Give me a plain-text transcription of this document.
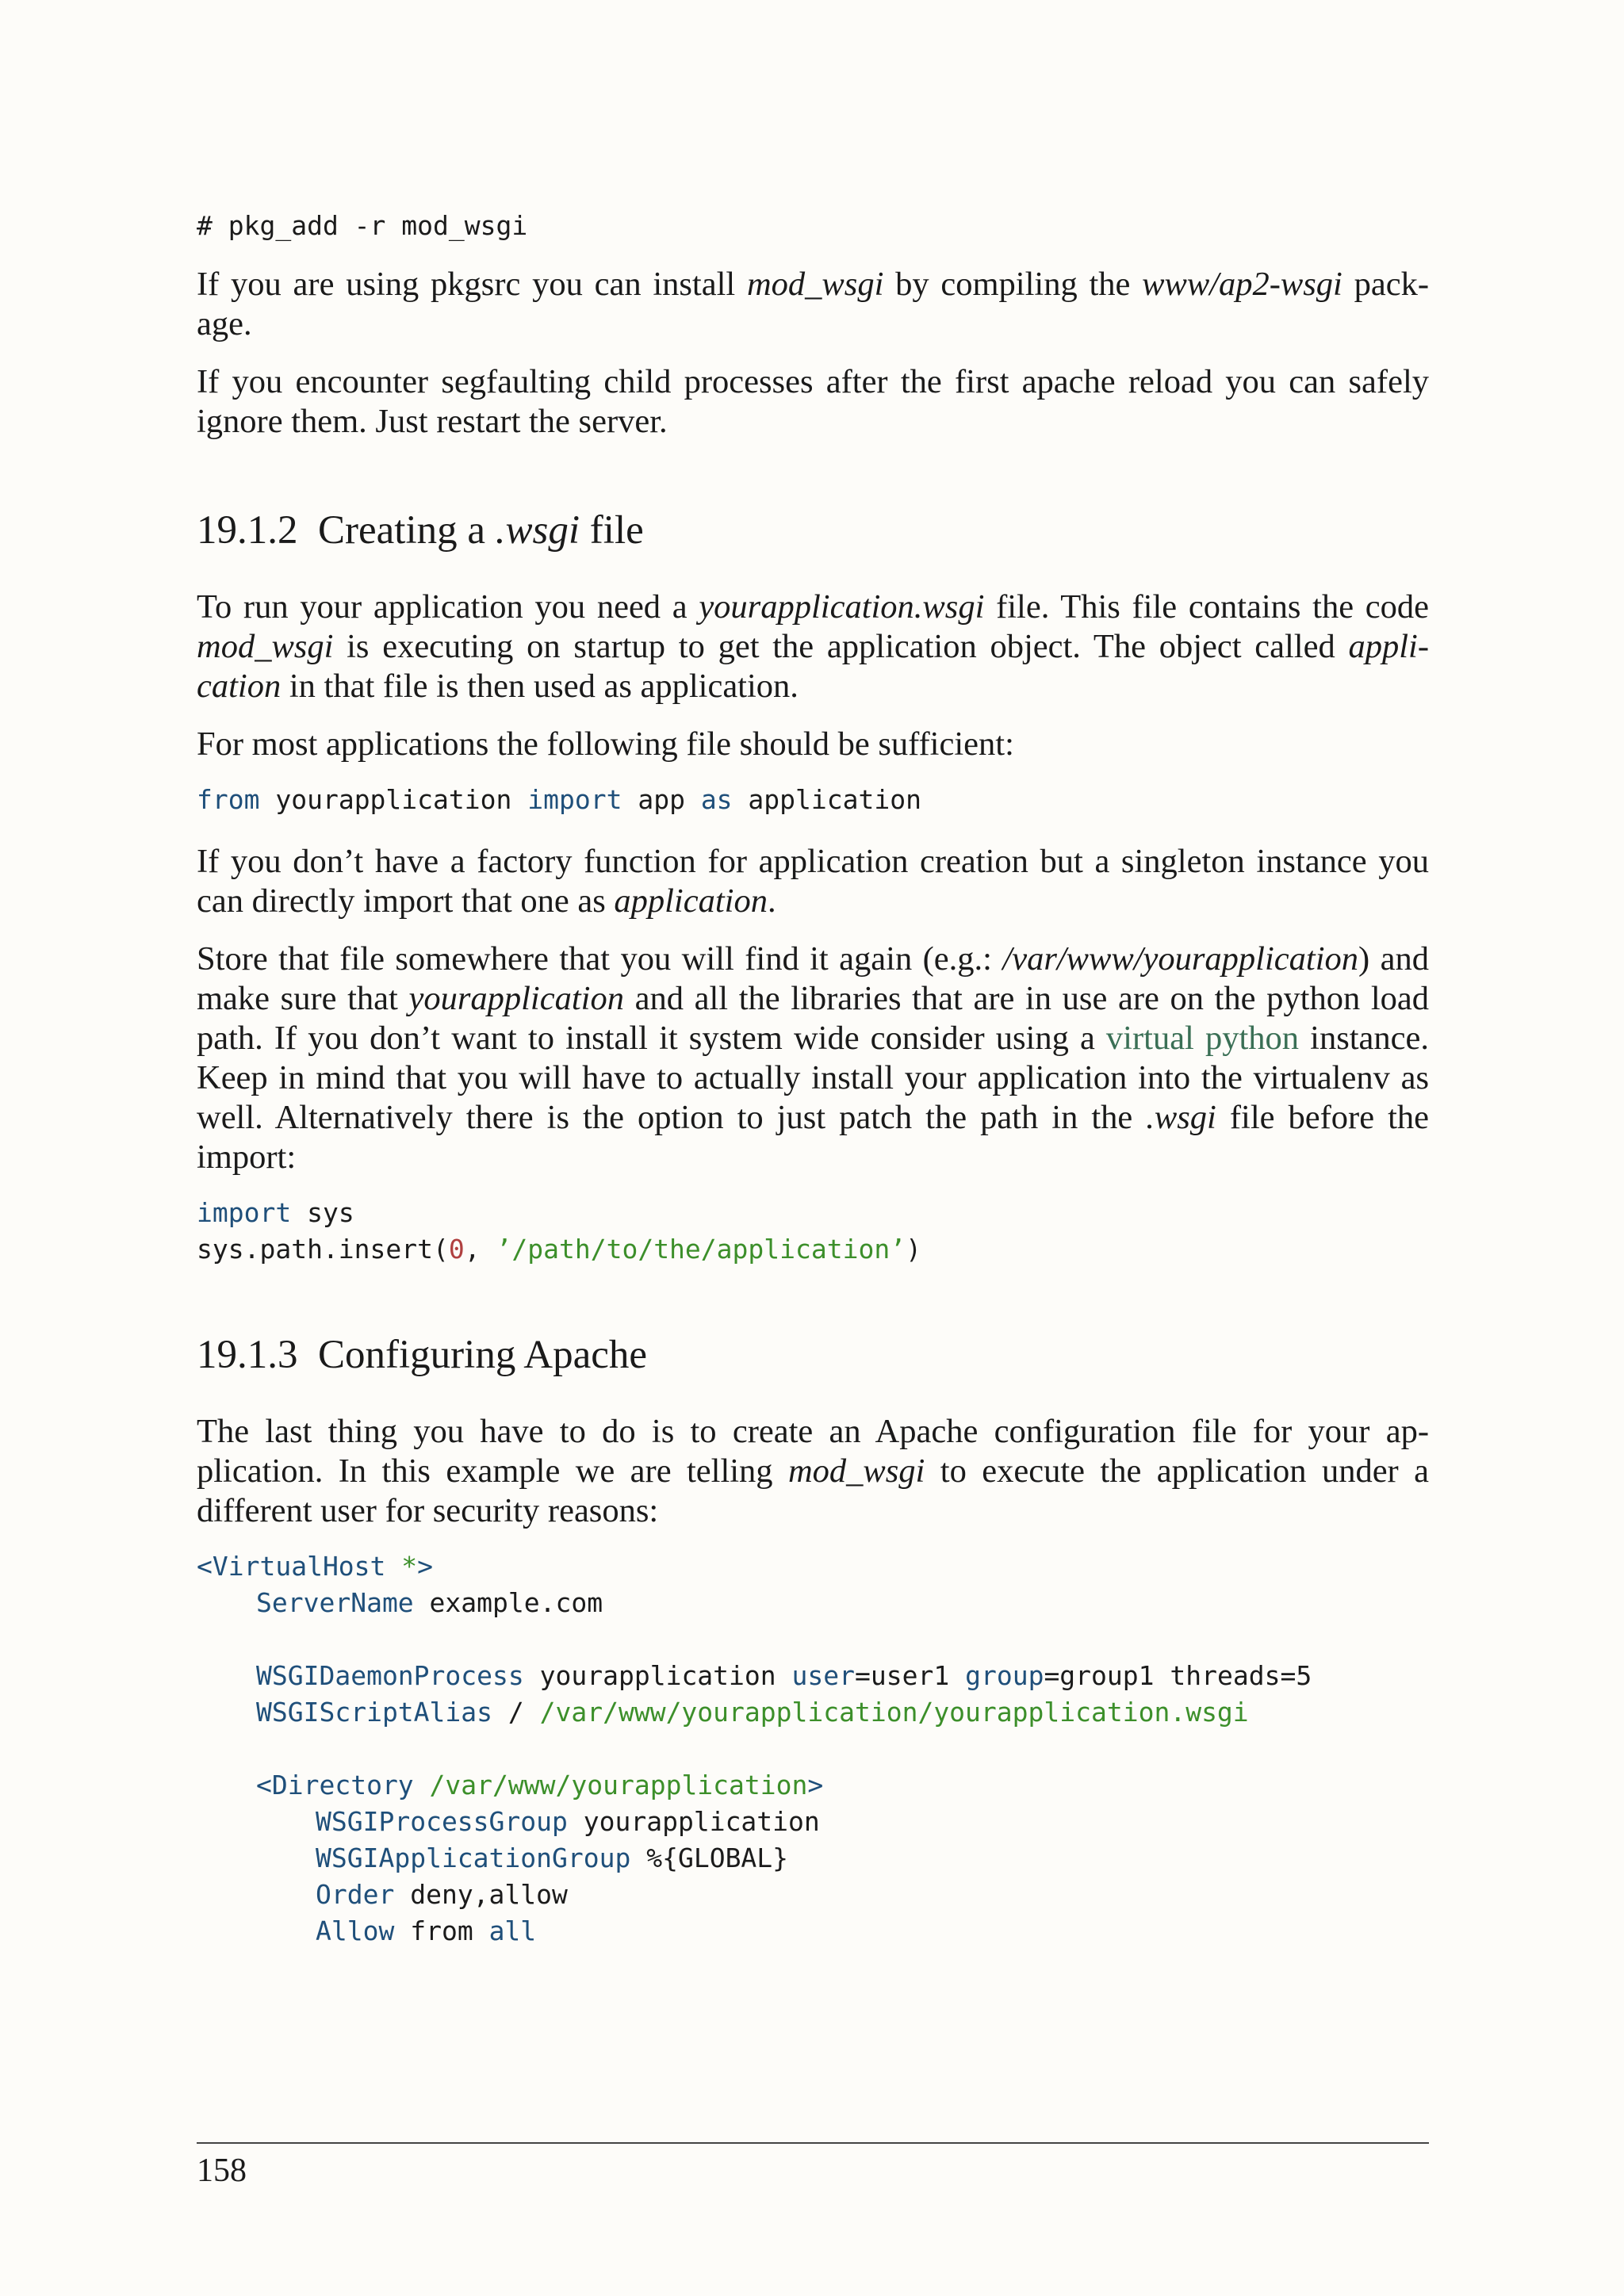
# pkg_add -r mod_wsgi

If you are using pkgsrc you can install mod_wsgi by compiling the www/ap2-wsgi pack-age.

If you encounter segfaulting child processes after the first apache reload you can safely ignore them. Just restart the server.

19.1.2 Creating a .wsgi file

To run your application you need a yourapplication.wsgi file. This file contains the code mod_wsgi is executing on startup to get the application object. The object called appli-cation in that file is then used as application.

For most applications the following file should be sufficient:

from yourapplication import app as application

If you don’t have a factory function for application creation but a singleton instance you can directly import that one as application.

Store that file somewhere that you will find it again (e.g.: /var/www/yourapplication) and make sure that yourapplication and all the libraries that are in use are on the python load path. If you don’t want to install it system wide consider using a virtual python instance. Keep in mind that you will have to actually install your application into the virtualenv as well. Alternatively there is the option to just patch the path in the .wsgi file before the import:

import sys
sys.path.insert(0, ’/path/to/the/application’)
19.1.3 Configuring Apache

The last thing you have to do is to create an Apache configuration file for your ap-plication. In this example we are telling mod_wsgi to execute the application under a different user for security reasons:

<VirtualHost *>
ServerName example.com

WSGIDaemonProcess yourapplication user=user1 group=group1 threads=5
WSGIScriptAlias / /var/www/yourapplication/yourapplication.wsgi

<Directory /var/www/yourapplication>
WSGIProcessGroup yourapplication
WSGIApplicationGroup %{GLOBAL}
Order deny,allow
Allow from all
158
